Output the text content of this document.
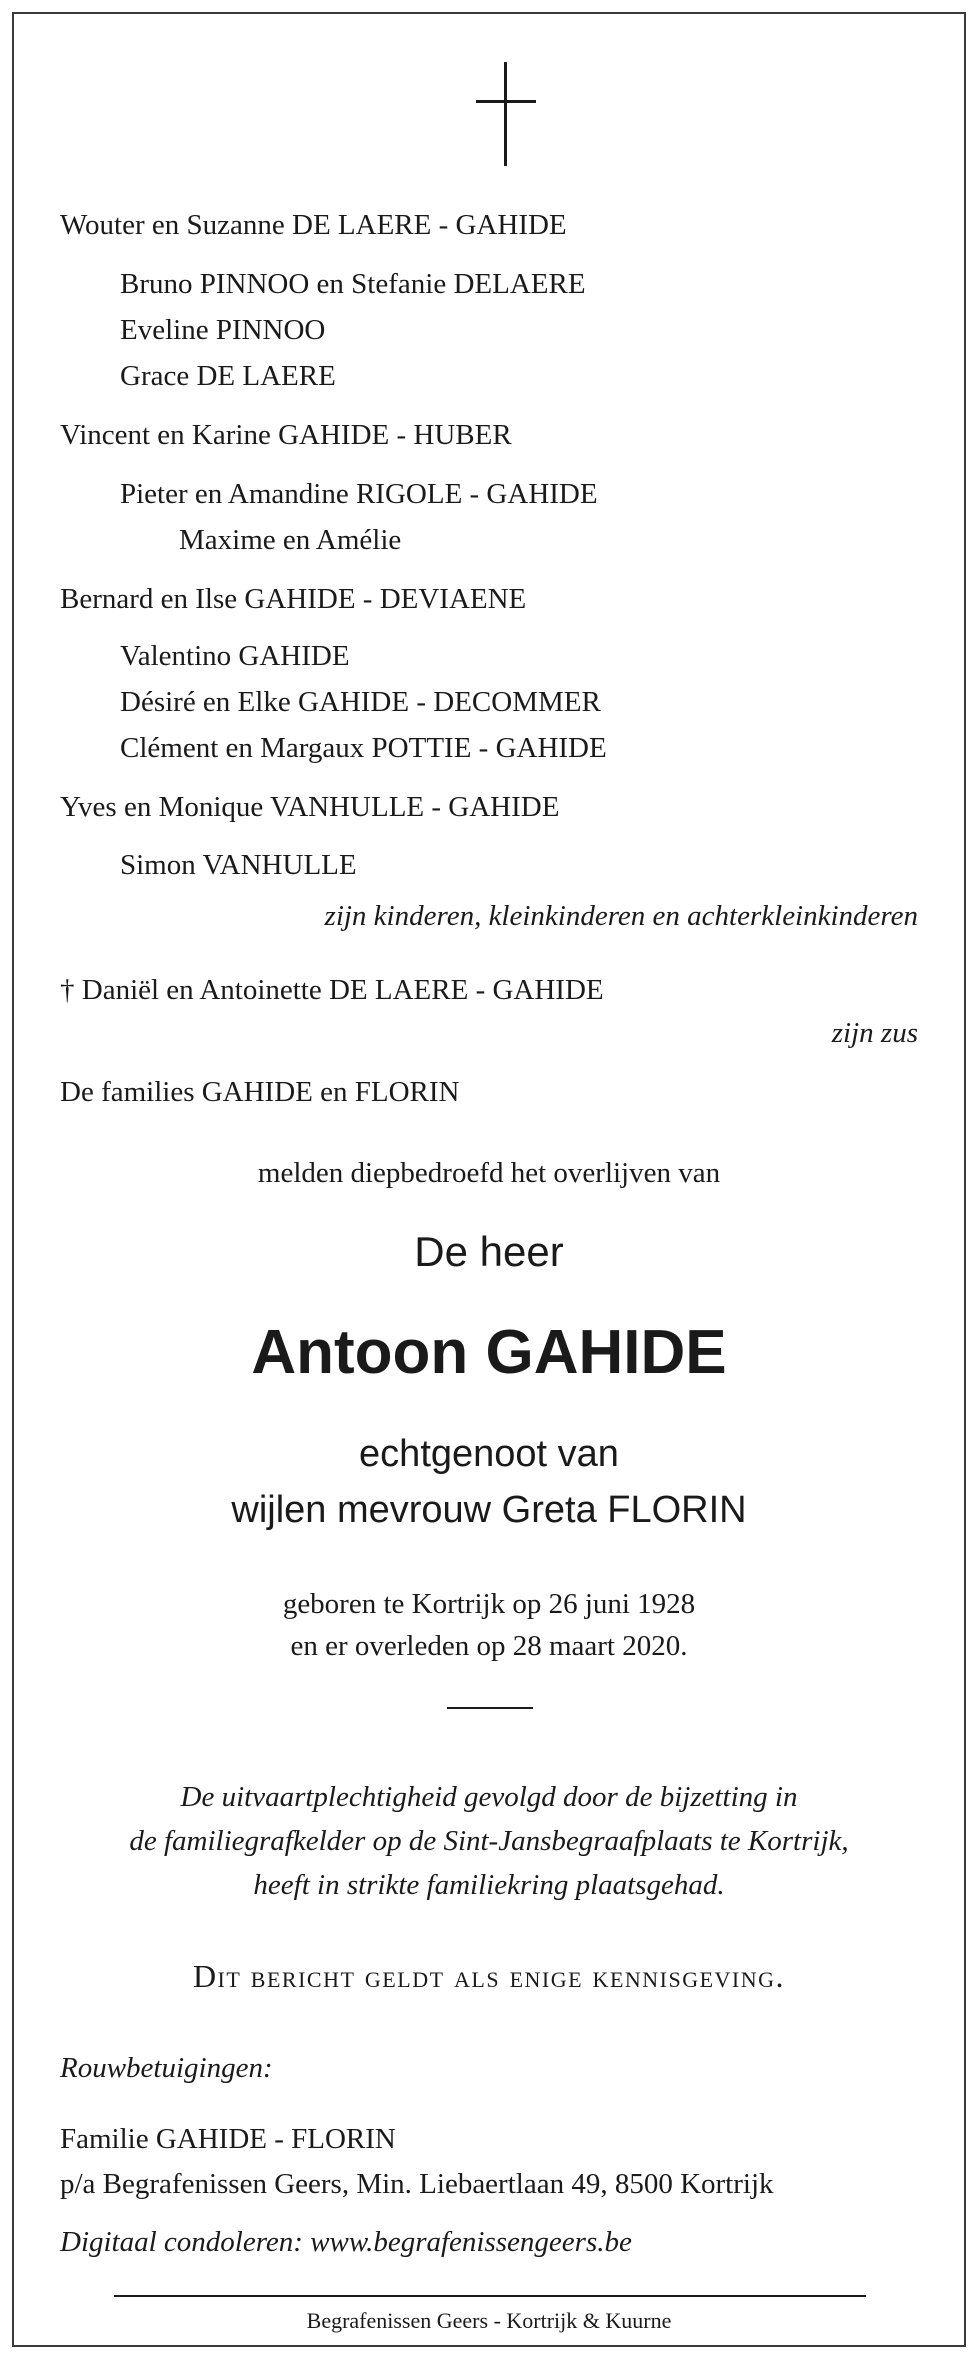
Wouter en Suzanne DE LAERE - GAHIDE
Bruno PINNOO en Stefanie DELAERE
Eveline PINNOO
Grace DE LAERE
Vincent en Karine GAHIDE - HUBER
Pieter en Amandine RIGOLE - GAHIDE
Maxime en Amélie
Bernard en Ilse GAHIDE - DEVIAENE
Valentino GAHIDE
Désiré en Elke GAHIDE - DECOMMER
Clément en Margaux POTTIE - GAHIDE
Yves en Monique VANHULLE - GAHIDE
Simon VANHULLE
zijn kinderen, kleinkinderen en achterkleinkinderen
† Daniël en Antoinette DE LAERE - GAHIDE
zijn zus
De families GAHIDE en FLORIN
melden diepbedroefd het overlijven van
De heer
Antoon GAHIDE
echtgenoot van
wijlen mevrouw Greta FLORIN
geboren te Kortrijk op 26 juni 1928
en er overleden op 28 maart 2020.
De uitvaartplechtigheid gevolgd door de bijzetting in
de familiegrafkelder op de Sint-Jansbegraafplaats te Kortrijk,
heeft in strikte familiekring plaatsgehad.
Dit bericht geldt als enige kennisgeving.
Rouwbetuigingen:
Familie GAHIDE - FLORIN
p/a Begrafenissen Geers, Min. Liebaertlaan 49, 8500 Kortrijk
Digitaal condoleren: www.begrafenissengeers.be
Begrafenissen Geers - Kortrijk & Kuurne
